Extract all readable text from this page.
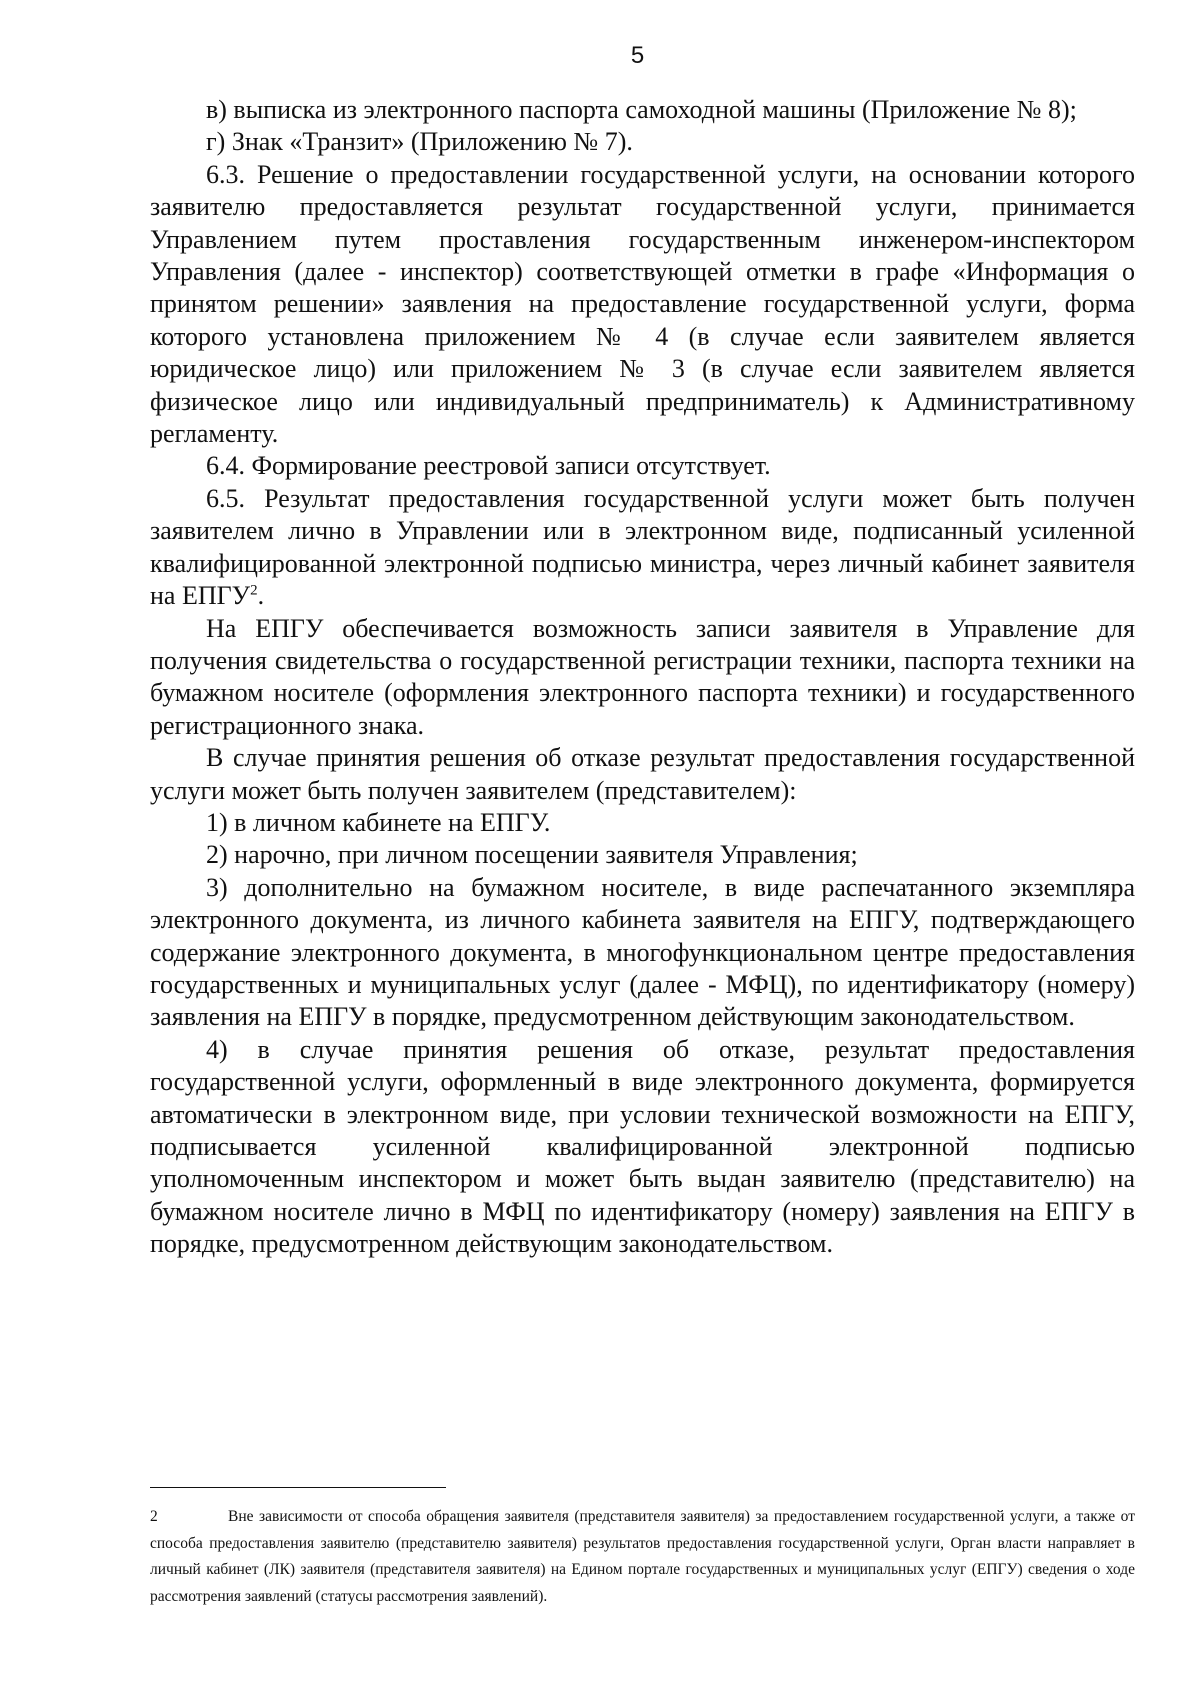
5

в) выписка из электронного паспорта самоходной машины (Приложение № 8);

г) Знак «Транзит» (Приложению № 7).

6.3. Решение о предоставлении государственной услуги, на основании которого заявителю предоставляется результат государственной услуги, принимается Управлением путем проставления государственным инженером-инспектором Управления (далее - инспектор) соответствующей отметки в графе «Информация о принятом решении» заявления на предоставление государственной услуги, форма которого установлена приложением № 4 (в случае если заявителем является юридическое лицо) или приложением № 3 (в случае если заявителем является физическое лицо или индивидуальный предприниматель) к Административному регламенту.

6.4. Формирование реестровой записи отсутствует.

6.5. Результат предоставления государственной услуги может быть получен заявителем лично в Управлении или в электронном виде, подписанный усиленной квалифицированной электронной подписью министра, через личный кабинет заявителя на ЕПГУ$^2$.

На ЕПГУ обеспечивается возможность записи заявителя в Управление для получения свидетельства о государственной регистрации техники, паспорта техники на бумажном носителе (оформления электронного паспорта техники) и государственного регистрационного знака.

В случае принятия решения об отказе результат предоставления государственной услуги может быть получен заявителем (представителем):

1) в личном кабинете на ЕПГУ.

2) нарочно, при личном посещении заявителя Управления;

3) дополнительно на бумажном носителе, в виде распечатанного экземпляра электронного документа, из личного кабинета заявителя на ЕПГУ, подтверждающего содержание электронного документа, в многофункциональном центре предоставления государственных и муниципальных услуг (далее - МФЦ), по идентификатору (номеру) заявления на ЕПГУ в порядке, предусмотренном действующим законодательством.

4) в случае принятия решения об отказе, результат предоставления государственной услуги, оформленный в виде электронного документа, формируется автоматически в электронном виде, при условии технической возможности на ЕПГУ, подписывается усиленной квалифицированной электронной подписью уполномоченным инспектором и может быть выдан заявителю (представителю) на бумажном носителе лично в МФЦ по идентификатору (номеру) заявления на ЕПГУ в порядке, предусмотренном действующим законодательством.

2	Вне зависимости от способа обращения заявителя (представителя заявителя) за предоставлением государственной услуги, а также от способа предоставления заявителю (представителю заявителя) результатов предоставления государственной услуги, Орган власти направляет в личный кабинет (ЛК) заявителя (представителя заявителя) на Едином портале государственных и муниципальных услуг (ЕПГУ) сведения о ходе рассмотрения заявлений (статусы рассмотрения заявлений).
